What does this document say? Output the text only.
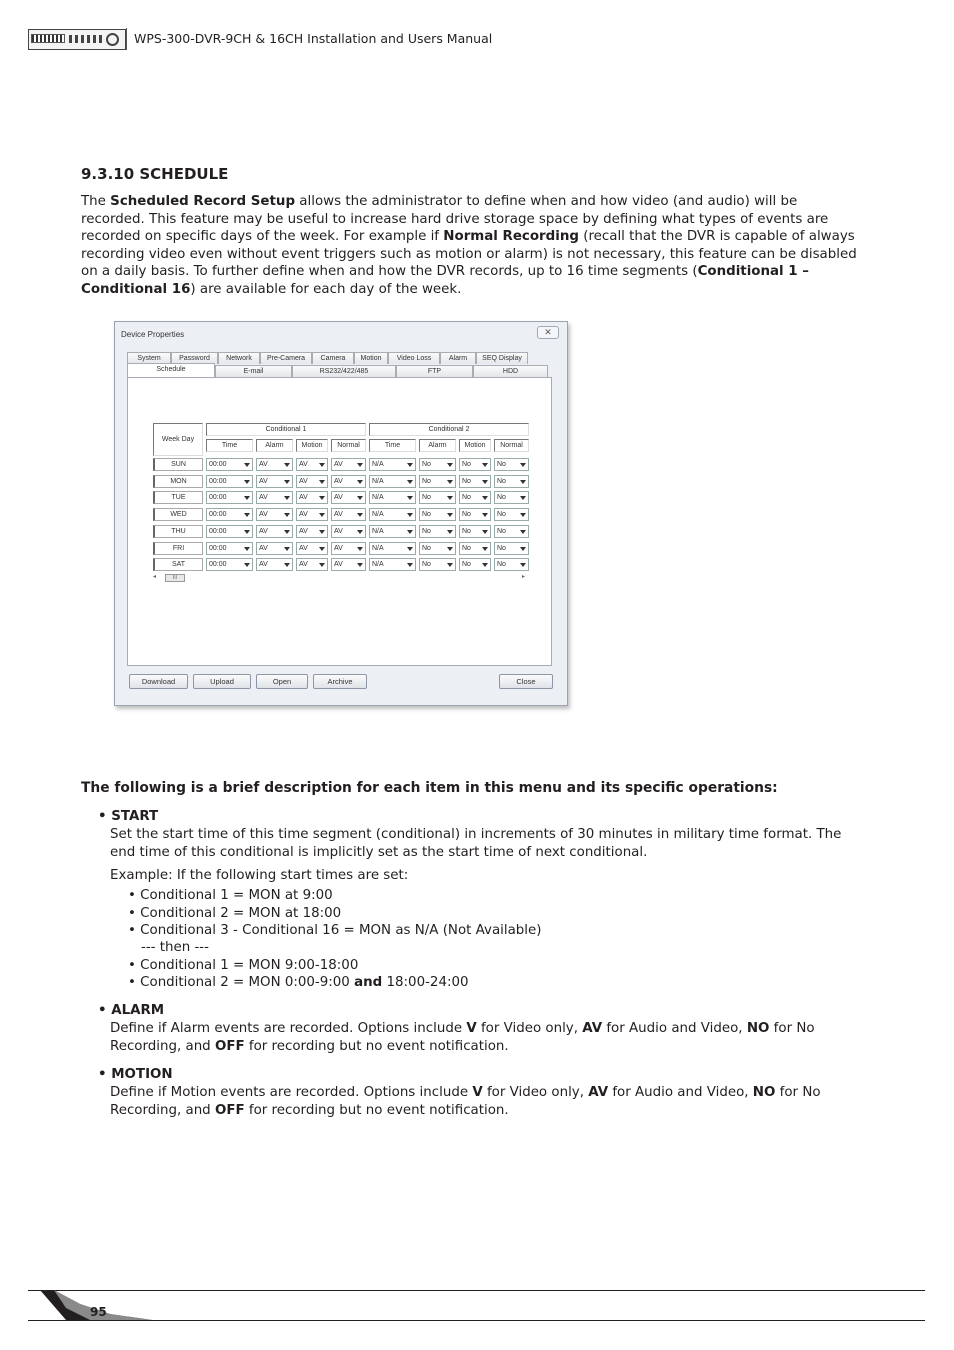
WPS-300-DVR-9CH & 16CH Installation and Users Manual
9.3.10 SCHEDULE

The Scheduled Record Setup allows the administrator to define when and how video (and audio) will be recorded. This feature may be useful to increase hard drive storage space by defining what types of events are recorded on specific days of the week. For example if Normal Recording (recall that the DVR is capable of always recording video even without event triggers such as motion or alarm) is not necessary, this feature can be disabled on a daily basis. To further define when and how the DVR records, up to 16 time segments (Conditional 1 – Conditional 16) are available for each day of the week.

Device Properties	✕
System	Password	Network	Pre-Camera	Camera	Motion	Video Loss	Alarm	SEQ Display
Schedule	E-mail	RS232/422/485	FTP	HDD
Week Day
Conditional 1	Conditional 2
Time	Alarm	Motion	Normal	Time	Alarm	Motion	Normal
SUN	00:00	AV	AV	AV	N/A	No	No	No
MON	00:00	AV	AV	AV	N/A	No	No	No
TUE	00:00	AV	AV	AV	N/A	No	No	No
WED	00:00	AV	AV	AV	N/A	No	No	No
THU	00:00	AV	AV	AV	N/A	No	No	No
FRI	00:00	AV	AV	AV	N/A	No	No	No
SAT	00:00	AV	AV	AV	N/A	No	No	No
◂	III	▸
Download	Upload	Open	Archive	Close
The following is a brief description for each item in this menu and its specific operations:
• START

Set the start time of this time segment (conditional) in increments of 30 minutes in military time format. The end time of this conditional is implicitly set as the start time of next conditional.

Example: If the following start times are set:

• Conditional 1 = MON at 9:00
• Conditional 2 = MON at 18:00
• Conditional 3 - Conditional 16 = MON as N/A (Not Available)
--- then ---
• Conditional 1 = MON 9:00-18:00
• Conditional 2 = MON 0:00-9:00 and 18:00-24:00
• ALARM

Define if Alarm events are recorded. Options include V for Video only, AV for Audio and Video, NO for No Recording, and OFF for recording but no event notification.

• MOTION

Define if Motion events are recorded. Options include V for Video only, AV for Audio and Video, NO for No Recording, and OFF for recording but no event notification.

95
